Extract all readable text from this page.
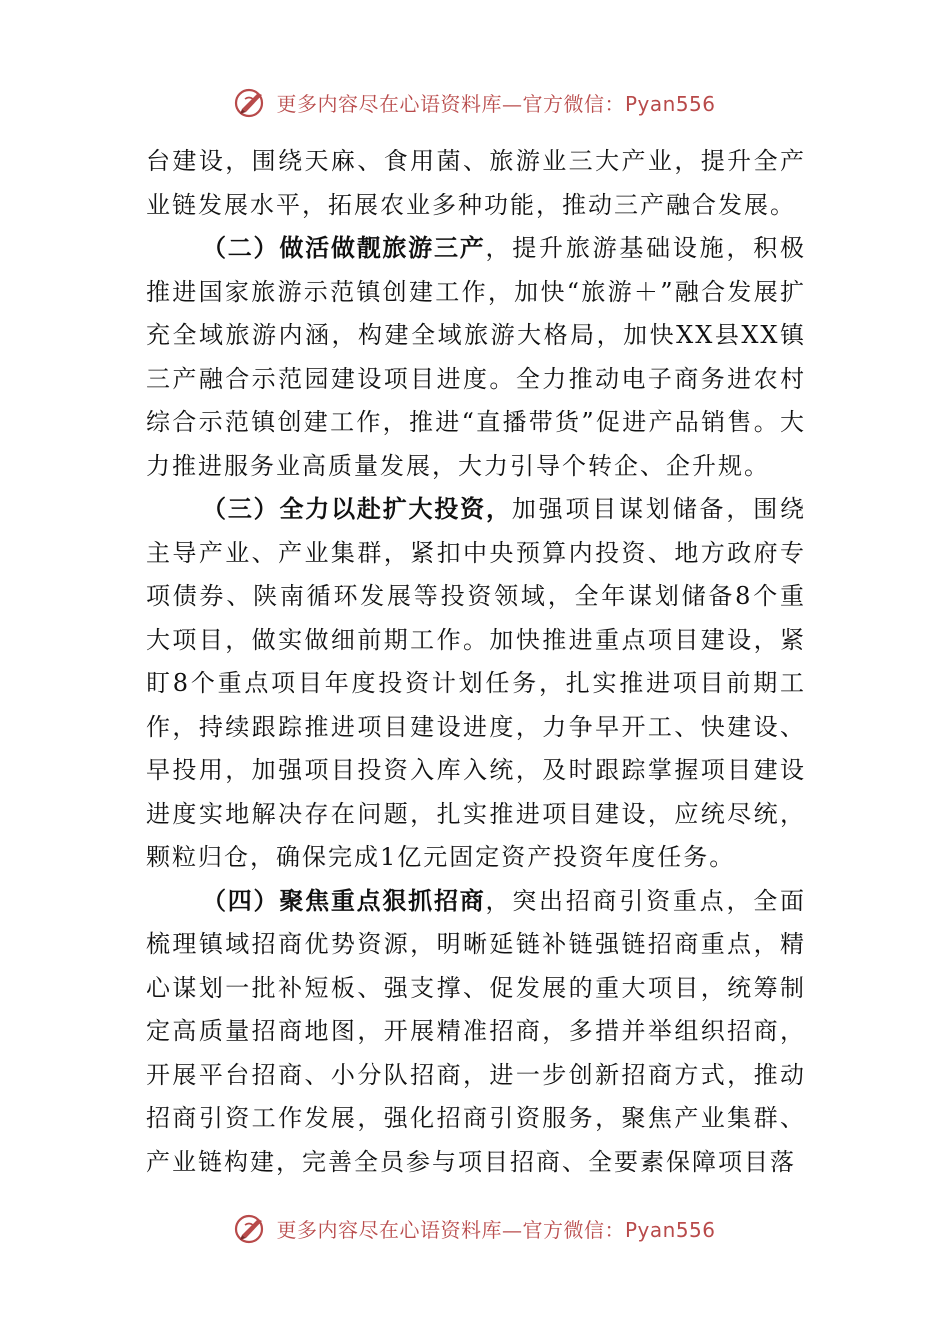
更多内容尽在心语资料库—官方微信：Pyan556

台建设，围绕天麻、食用菌、旅游业三大产业，提升全产业链发展水平，拓展农业多种功能，推动三产融合发展。

（二）做活做靓旅游三产，提升旅游基础设施，积极推进国家旅游示范镇创建工作，加快“旅游＋”融合发展扩充全域旅游内涵，构建全域旅游大格局，加快XX县XX镇三产融合示范园建设项目进度。全力推动电子商务进农村综合示范镇创建工作，推进“直播带货”促进产品销售。大力推进服务业高质量发展，大力引导个转企、企升规。

（三）全力以赴扩大投资，加强项目谋划储备，围绕主导产业、产业集群，紧扣中央预算内投资、地方政府专项债券、陕南循环发展等投资领域，全年谋划储备8个重大项目，做实做细前期工作。加快推进重点项目建设，紧盯8个重点项目年度投资计划任务，扎实推进项目前期工作，持续跟踪推进项目建设进度，力争早开工、快建设、早投用，加强项目投资入库入统，及时跟踪掌握项目建设进度实地解决存在问题，扎实推进项目建设，应统尽统，颗粒归仓，确保完成1亿元固定资产投资年度任务。

（四）聚焦重点狠抓招商，突出招商引资重点，全面梳理镇域招商优势资源，明晰延链补链强链招商重点，精心谋划一批补短板、强支撑、促发展的重大项目，统筹制定高质量招商地图，开展精准招商，多措并举组织招商，开展平台招商、小分队招商，进一步创新招商方式，推动招商引资工作发展，强化招商引资服务，聚焦产业集群、产业链构建，完善全员参与项目招商、全要素保障项目落

更多内容尽在心语资料库—官方微信：Pyan556
